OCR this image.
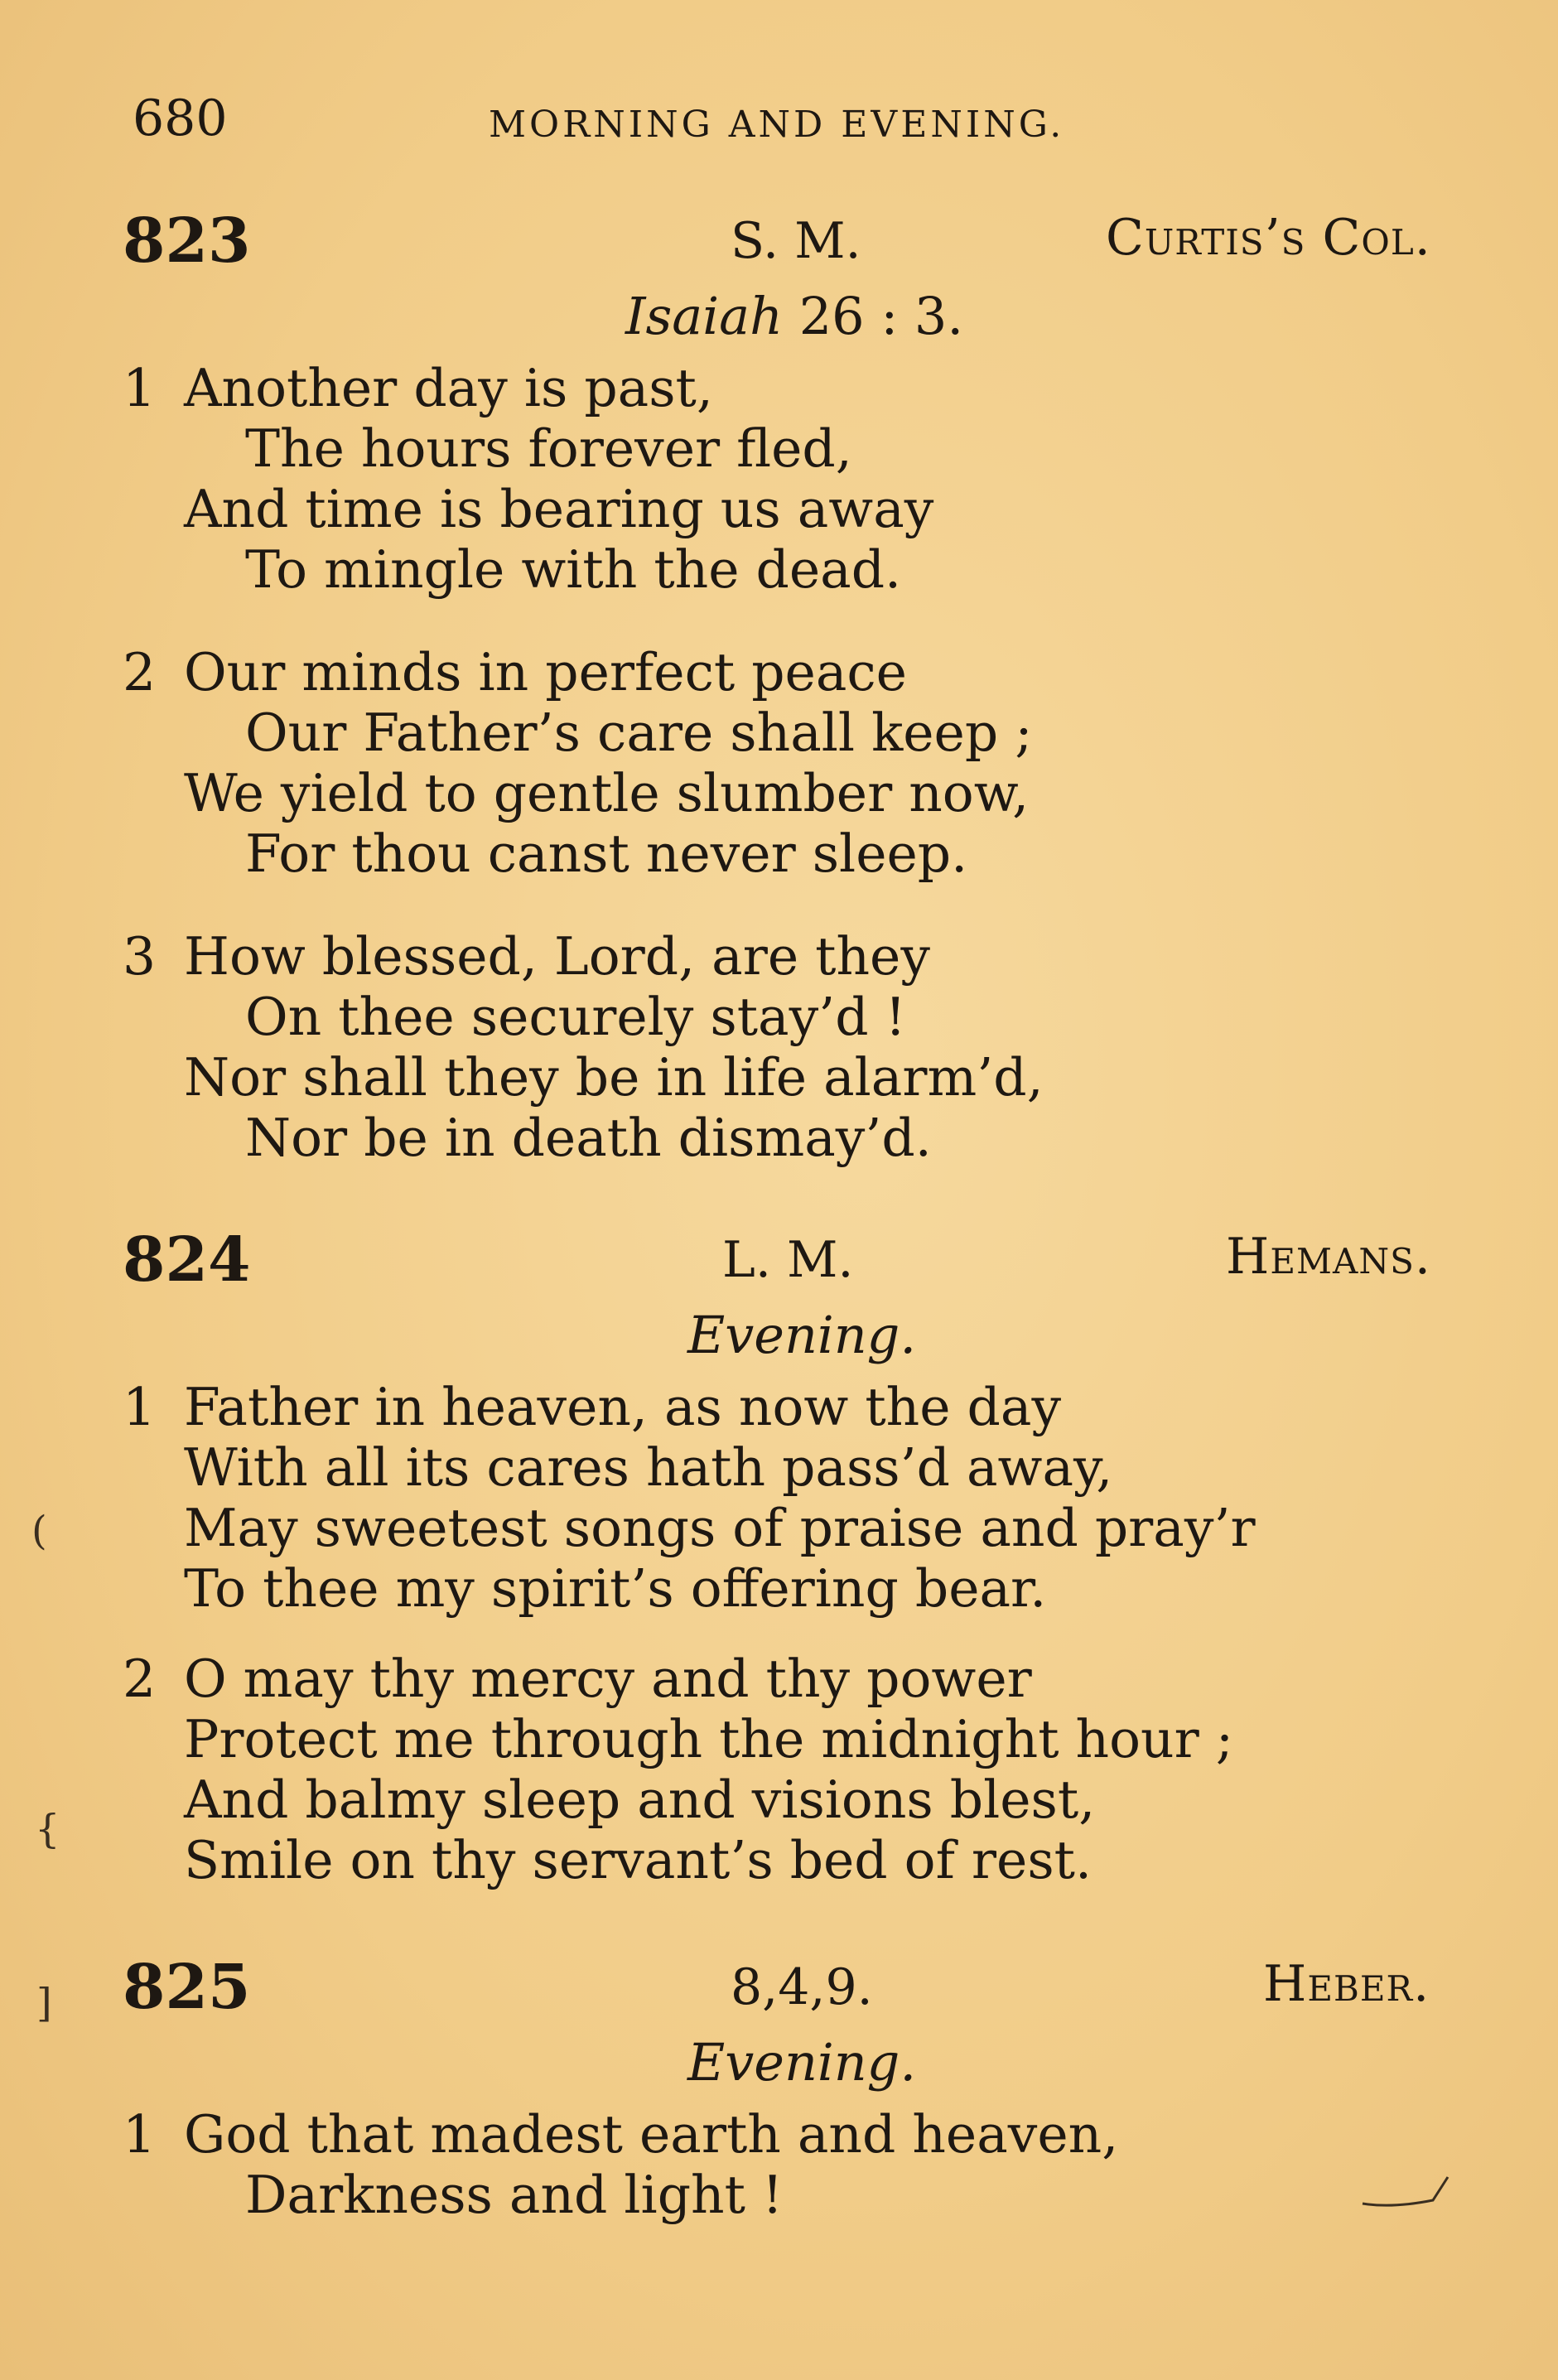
680	MORNING AND EVENING.
823	S. M.	Curtis’s Col.
Isaiah 26 : 3.
1 Another day is past,
The hours forever fled,
And time is bearing us away
To mingle with the dead.
2 Our minds in perfect peace
Our Father’s care shall keep ;
We yield to gentle slumber now,
For thou canst never sleep.
3 How blessed, Lord, are they
On thee securely stay’d !
Nor shall they be in life alarm’d,
Nor be in death dismay’d.
824	L. M.	Hemans.
Evening.
1 Father in heaven, as now the day
With all its cares hath pass’d away,
May sweetest songs of praise and pray’r
To thee my spirit’s offering bear.
2 O may thy mercy and thy power
Protect me through the midnight hour ;
And balmy sleep and visions blest,
Smile on thy servant’s bed of rest.
825	8,4,9.	Heber.
Evening.
1 God that madest earth and heaven,
Darkness and light !
(
{
]
